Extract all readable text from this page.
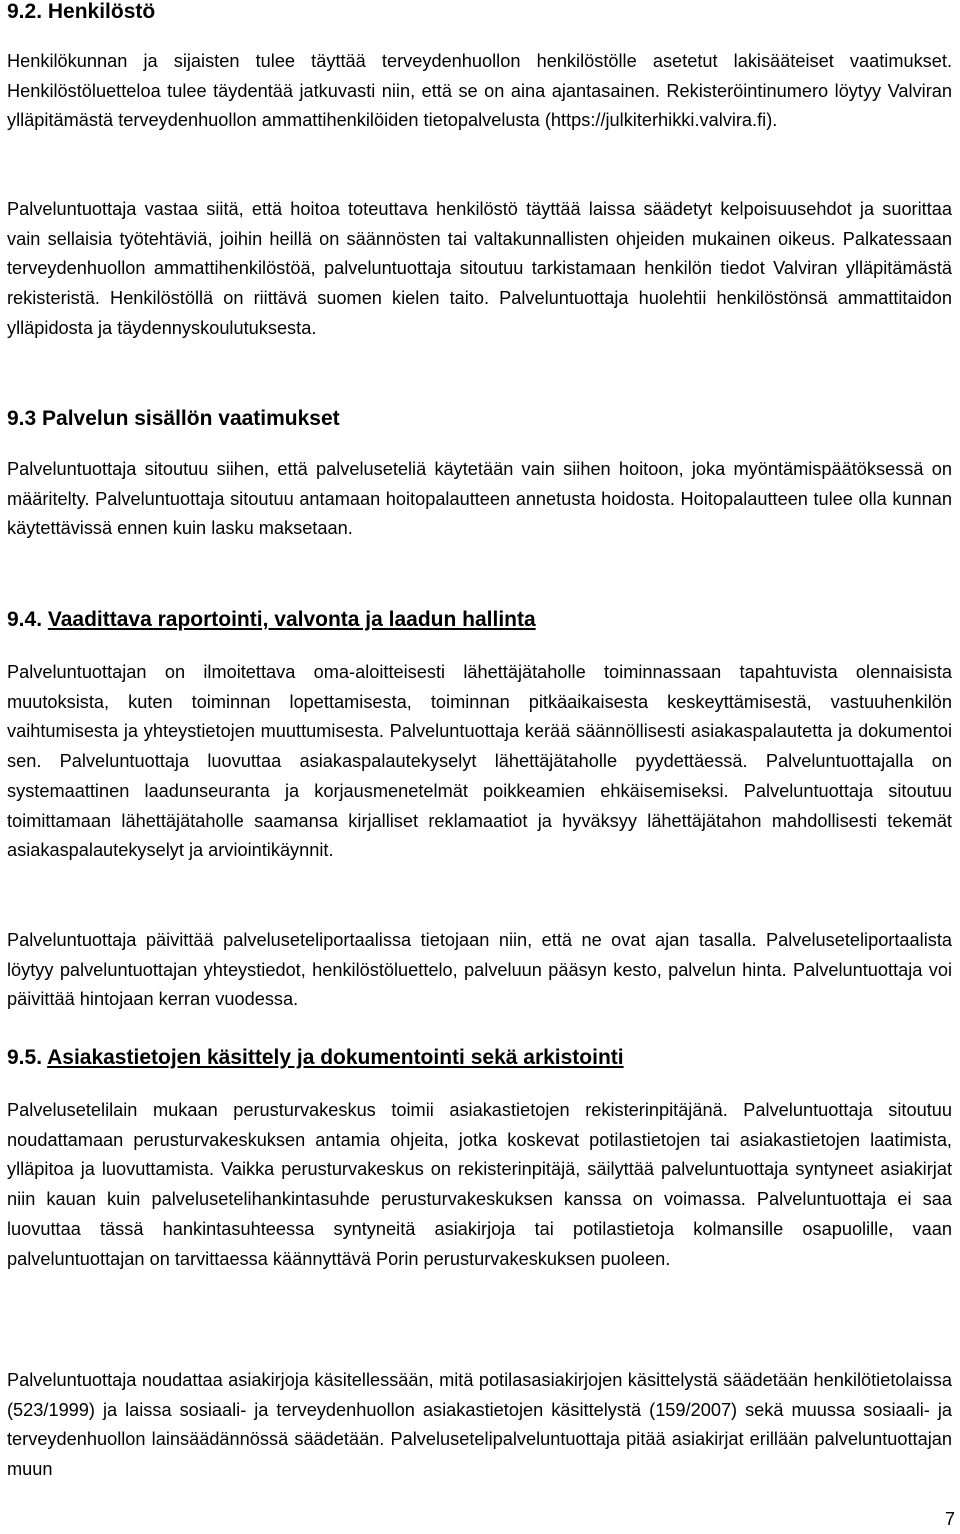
9.2. Henkilöstö

Henkilökunnan ja sijaisten tulee täyttää terveydenhuollon henkilöstölle asetetut lakisääteiset vaatimukset. Henkilöstöluetteloa tulee täydentää jatkuvasti niin, että se on aina ajantasainen. Rekisteröintinumero löytyy Valviran ylläpitämästä terveydenhuollon ammattihenkilöiden tietopalvelusta (https://julkiterhikki.valvira.fi).

Palveluntuottaja vastaa siitä, että hoitoa toteuttava henkilöstö täyttää laissa säädetyt kelpoisuusehdot ja suorittaa vain sellaisia työtehtäviä, joihin heillä on säännösten tai valtakunnallisten ohjeiden mukainen oikeus. Palkatessaan terveydenhuollon ammattihenkilöstöä, palveluntuottaja sitoutuu tarkistamaan henkilön tiedot Valviran ylläpitämästä rekisteristä. Henkilöstöllä on riittävä suomen kielen taito. Palveluntuottaja huolehtii henkilöstönsä ammattitaidon ylläpidosta ja täydennyskoulutuksesta.

9.3 Palvelun sisällön vaatimukset

Palveluntuottaja sitoutuu siihen, että palveluseteliä käytetään vain siihen hoitoon, joka myöntämispäätöksessä on määritelty. Palveluntuottaja sitoutuu antamaan hoitopalautteen annetusta hoidosta. Hoitopalautteen tulee olla kunnan käytettävissä ennen kuin lasku maksetaan.

9.4. Vaadittava raportointi, valvonta ja laadun hallinta

Palveluntuottajan on ilmoitettava oma-aloitteisesti lähettäjätaholle toiminnassaan tapahtuvista olennaisista muutoksista, kuten toiminnan lopettamisesta, toiminnan pitkäaikaisesta keskeyttämisestä, vastuuhenkilön vaihtumisesta ja yhteystietojen muuttumisesta. Palveluntuottaja kerää säännöllisesti asiakaspalautetta ja dokumentoi sen. Palveluntuottaja luovuttaa asiakaspalautekyselyt lähettäjätaholle pyydettäessä. Palveluntuottajalla on systemaattinen laadunseuranta ja korjausmenetelmät poikkeamien ehkäisemiseksi. Palveluntuottaja sitoutuu toimittamaan lähettäjätaholle saamansa kirjalliset reklamaatiot ja hyväksyy lähettäjätahon mahdollisesti tekemät asiakaspalautekyselyt ja arviointikäynnit.

Palveluntuottaja päivittää palveluseteliportaalissa tietojaan niin, että ne ovat ajan tasalla. Palveluseteliportaalista löytyy palveluntuottajan yhteystiedot, henkilöstöluettelo, palveluun pääsyn kesto, palvelun hinta. Palveluntuottaja voi päivittää hintojaan kerran vuodessa.

9.5. Asiakastietojen käsittely ja dokumentointi sekä arkistointi

Palvelusetelilain mukaan perusturvakeskus toimii asiakastietojen rekisterinpitäjänä. Palveluntuottaja sitoutuu noudattamaan perusturvakeskuksen antamia ohjeita, jotka koskevat potilastietojen tai asiakastietojen laatimista, ylläpitoa ja luovuttamista. Vaikka perusturvakeskus on rekisterinpitäjä, säilyttää palveluntuottaja syntyneet asiakirjat niin kauan kuin palvelusetelihankintasuhde perusturvakeskuksen kanssa on voimassa. Palveluntuottaja ei saa luovuttaa tässä hankintasuhteessa syntyneitä asiakirjoja tai potilastietoja kolmansille osapuolille, vaan palveluntuottajan on tarvittaessa käännyttävä Porin perusturvakeskuksen puoleen.

Palveluntuottaja noudattaa asiakirjoja käsitellessään, mitä potilasasiakirjojen käsittelystä säädetään henkilötietolaissa (523/1999) ja laissa sosiaali- ja terveydenhuollon asiakastietojen käsittelystä (159/2007) sekä muussa sosiaali- ja terveydenhuollon lainsäädännössä säädetään. Palvelusetelipalveluntuottaja pitää asiakirjat erillään palveluntuottajan muun

7
